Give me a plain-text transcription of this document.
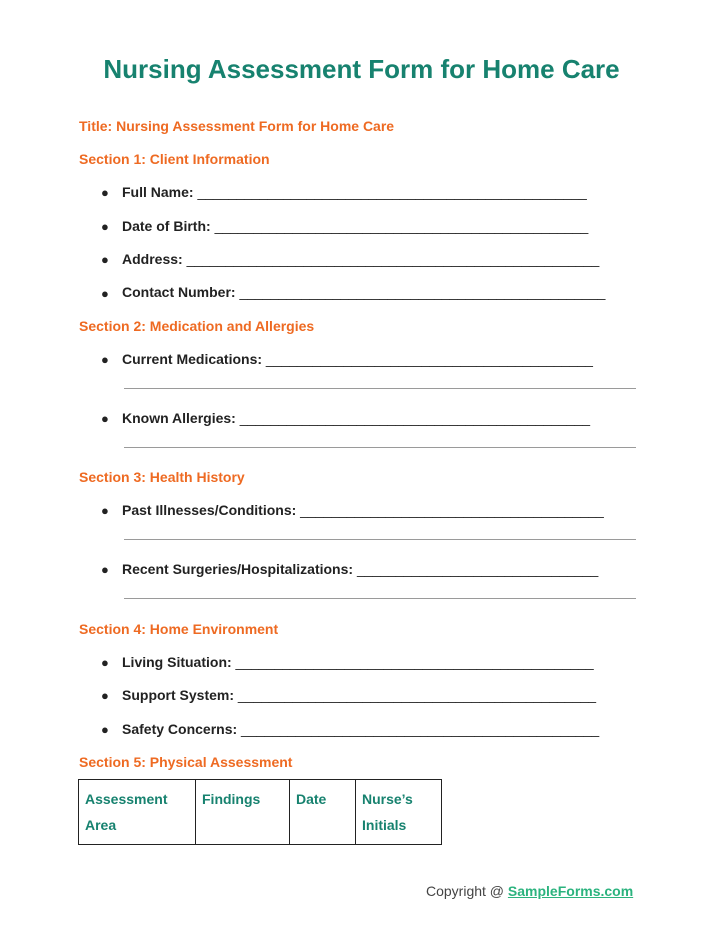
Nursing Assessment Form for Home Care
Title: Nursing Assessment Form for Home Care
Section 1: Client Information
● Full Name: __________________________________________________
● Date of Birth: ________________________________________________
● Address: _____________________________________________________
● Contact Number: _______________________________________________
Section 2: Medication and Allergies
● Current Medications: __________________________________________
● Known Allergies: _____________________________________________
Section 3: Health History
● Past Illnesses/Conditions: _______________________________________
● Recent Surgeries/Hospitalizations: _______________________________
Section 4: Home Environment
● Living Situation: ______________________________________________
● Support System: ______________________________________________
● Safety Concerns: ______________________________________________
Section 5: Physical Assessment
Assessment Area	Findings	Date	Nurse’s Initials
Copyright @ SampleForms.com
